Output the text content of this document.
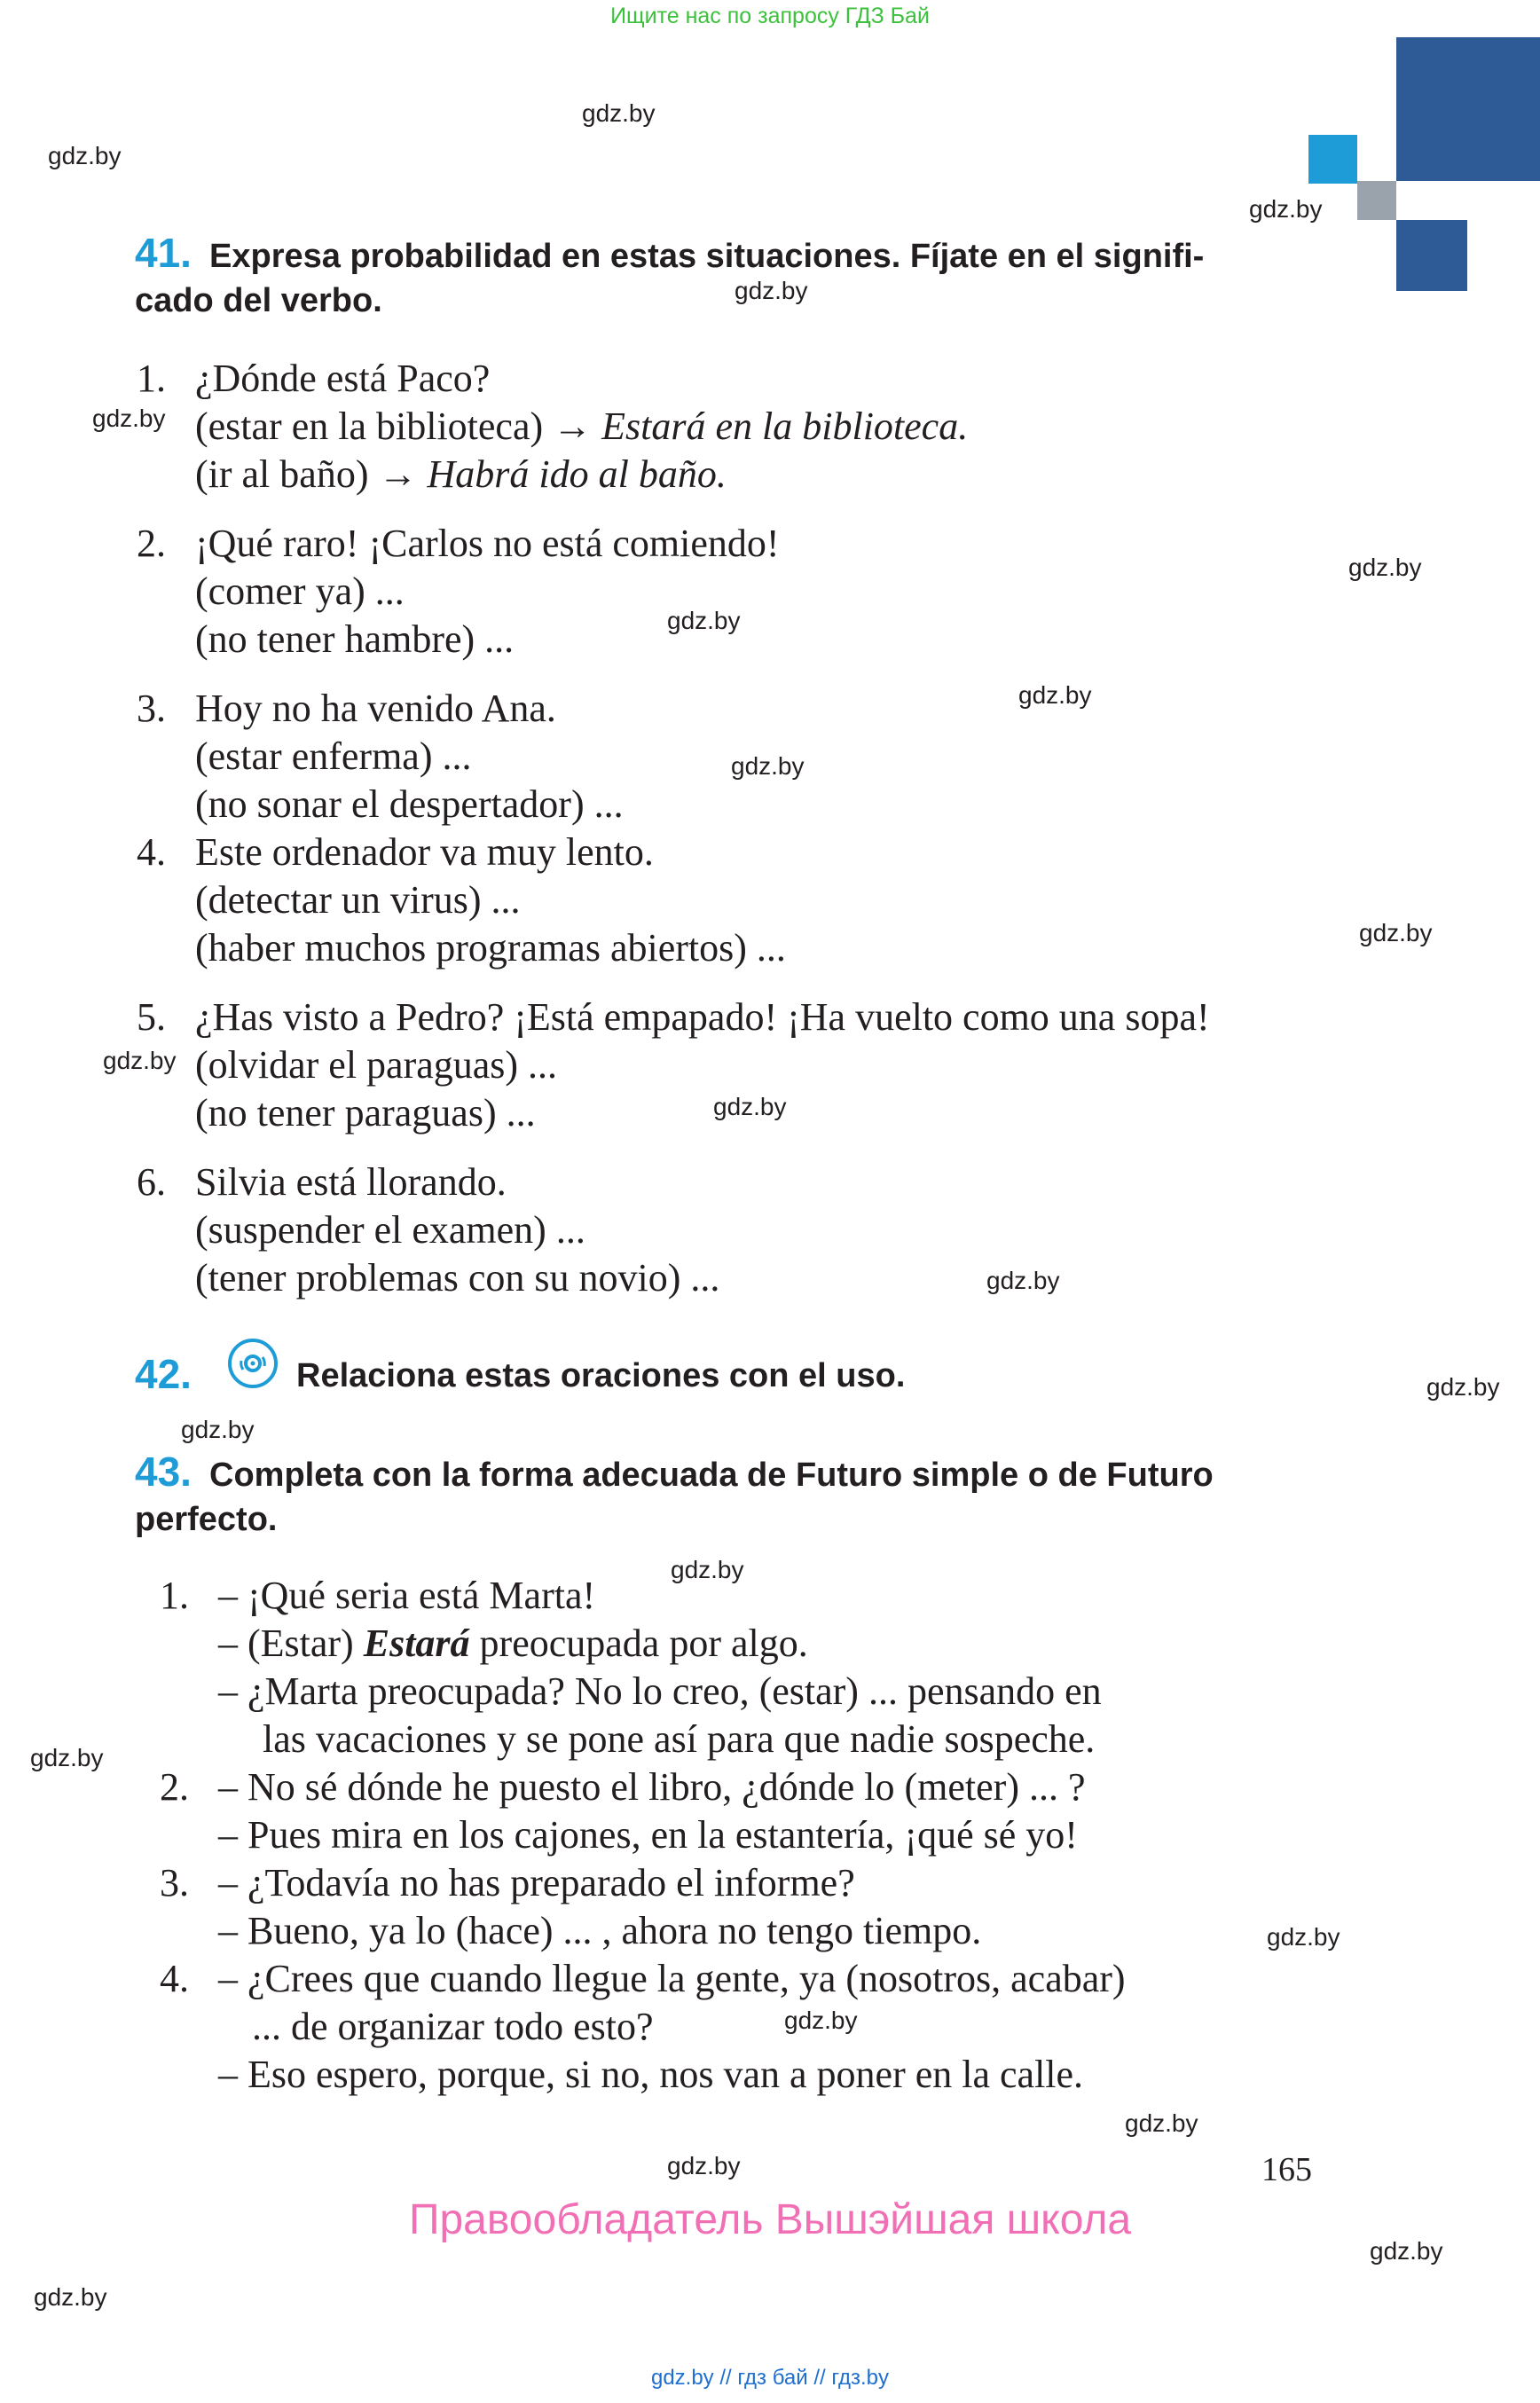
Ищите нас по запросу ГДЗ Бай
gdz.by
gdz.by
gdz.by
gdz.by
gdz.by
gdz.by
gdz.by
gdz.by
gdz.by
gdz.by
gdz.by
gdz.by
gdz.by
gdz.by
gdz.by
gdz.by
gdz.by
gdz.by
gdz.by
gdz.by
gdz.by
gdz.by
gdz.by
41. Expresa probabilidad en estas situaciones. Fíjate en el signifi-
cado del verbo.
1. ¿Dónde está Paco?
(estar en la biblioteca) → Estará en la biblioteca.
(ir al baño) → Habrá ido al baño.
2. ¡Qué raro! ¡Carlos no está comiendo!
(comer ya) ...
(no tener hambre) ...
3. Hoy no ha venido Ana.
(estar enferma) ...
(no sonar el despertador) ...
4. Este ordenador va muy lento.
(detectar un virus) ...
(haber muchos programas abiertos) ...
5. ¿Has visto a Pedro? ¡Está empapado! ¡Ha vuelto como una sopa!
(olvidar el paraguas) ...
(no tener paraguas) ...
6. Silvia está llorando.
(suspender el examen) ...
(tener problemas con su novio) ...
42.	Relaciona estas oraciones con el uso.
43. Completa con la forma adecuada de Futuro simple o de Futuro
perfecto.
1. – ¡Qué seria está Marta!
– (Estar) Estará preocupada por algo.
– ¿Marta preocupada? No lo creo, (estar) ... pensando en
las vacaciones y se pone así para que nadie sospeche.
2. – No sé dónde he puesto el libro, ¿dónde lo (meter) ... ?
– Pues mira en los cajones, en la estantería, ¡qué sé yo!
3. – ¿Todavía no has preparado el informe?
– Bueno, ya lo (hace) ... , ahora no tengo tiempo.
4. – ¿Crees que cuando llegue la gente, ya (nosotros, acabar)
... de organizar todo esto?
– Eso espero, porque, si no, nos van a poner en la calle.
165
Правообладатель Вышэйшая школа
gdz.by // гдз бай // гдз.by
